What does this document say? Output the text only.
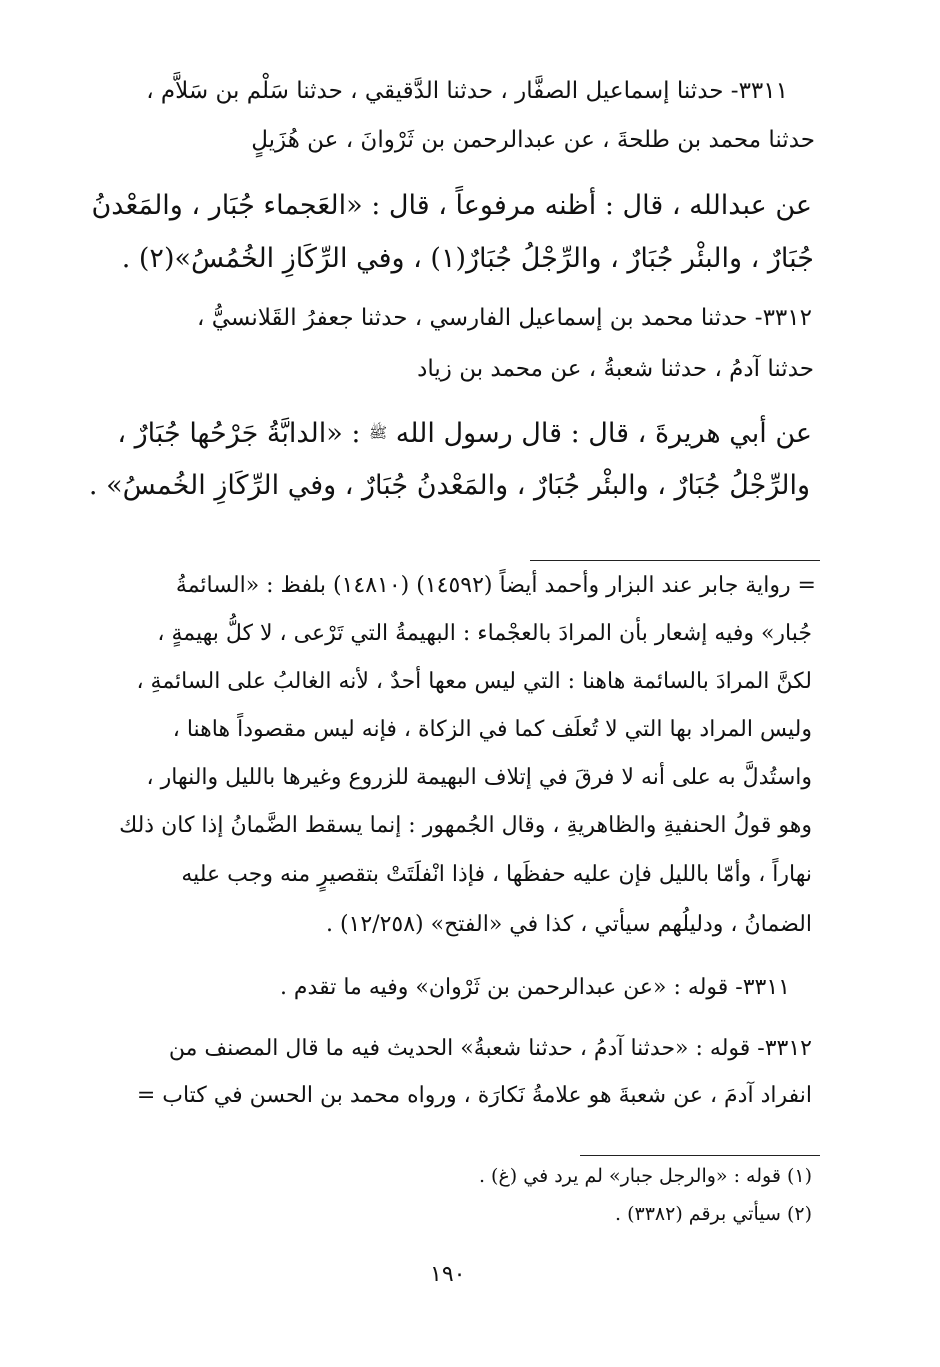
٣٣١١- حدثنا إسماعيل الصفَّار ، حدثنا الدَّقيقي ، حدثنا سَلْم بن سَلاَّم ،
حدثنا محمد بن طلحةَ ، عن عبدالرحمن بن ثَرْوانَ ، عن هُزَيلٍ
عن عبدالله ، قال : أظنه مرفوعاً ، قال : «العَجماء جُبَار ، والمَعْدنُ
جُبَارٌ ، والبئْر جُبَارٌ ، والرِّجْلُ جُبَارٌ(١) ، وفي الرِّكَازِ الخُمُسُ»(٢) .
٣٣١٢- حدثنا محمد بن إسماعيل الفارسي ، حدثنا جعفرُ القَلانسيُّ ،
حدثنا آدمُ ، حدثنا شعبةُ ، عن محمد بن زياد
عن أبي هريرةَ ، قال : قال رسول الله ﷺ : «الدابَّةُ جَرْحُها جُبَارٌ ،
والرِّجْلُ جُبَارٌ ، والبئْر جُبَارٌ ، والمَعْدنُ جُبَارٌ ، وفي الرِّكَازِ الخُمسُ» .
= رواية جابر عند البزار وأحمد أيضاً (١٤٥٩٢) (١٤٨١٠) بلفظ : «السائمةُ
جُبار» وفيه إشعار بأن المرادَ بالعجْماء : البهيمةُ التي تَرْعى ، لا كلُّ بهيمةٍ ،
لكنَّ المرادَ بالسائمة هاهنا : التي ليس معها أحدٌ ، لأنه الغالبُ على السائمةِ ،
وليس المراد بها التي لا تُعلَف كما في الزكاة ، فإنه ليس مقصوداً هاهنا ،
واستُدلَّ به على أنه لا فرقَ في إتلاف البهيمة للزروع وغيرها بالليل والنهار ،
وهو قولُ الحنفيةِ والظاهريةِ ، وقال الجُمهور : إنما يسقط الضَّمانُ إذا كان ذلك
نهاراً ، وأمّا بالليل فإن عليه حفظَها ، فإذا انْفلَتَتْ بتقصيرٍ منه وجب عليه
الضمانُ ، ودليلُهم سيأتي ، كذا في «الفتح» (١٢/٢٥٨) .
٣٣١١- قوله : «عن عبدالرحمن بن ثَرْوان» وفيه ما تقدم .
٣٣١٢- قوله : «حدثنا آدمُ ، حدثنا شعبةُ» الحديث فيه ما قال المصنف من
انفراد آدمَ ، عن شعبةَ هو علامةُ نَكارَة ، ورواه محمد بن الحسن في كتاب =
(١) قوله : «والرجل جبار» لم يرد في (غ) .
(٢) سيأتي برقم (٣٣٨٢) .
١٩٠
